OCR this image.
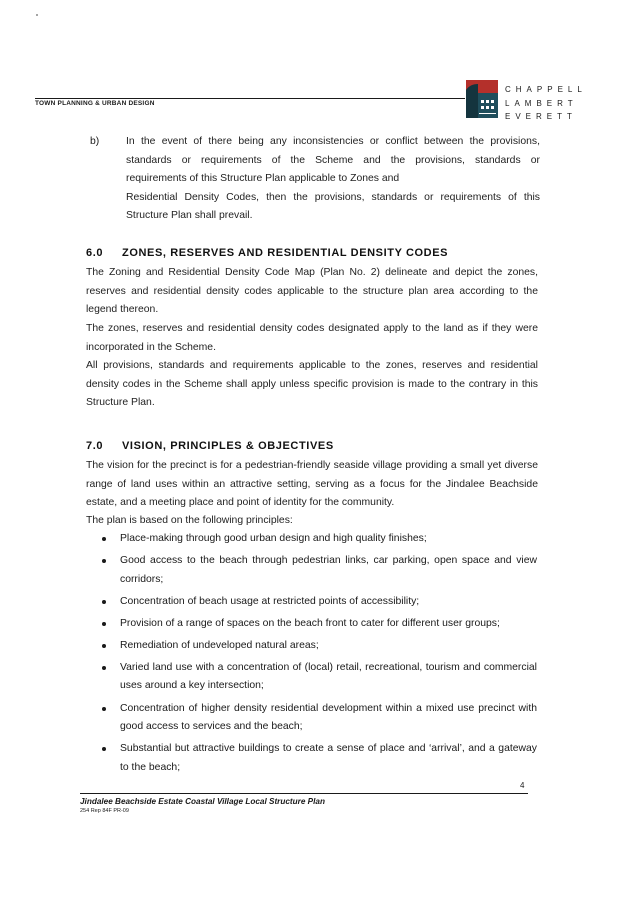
TOWN PLANNING & URBAN DESIGN
CHAPPELL
LAMBERT
EVERETT
b)	In the event of there being any inconsistencies or conflict between the provisions,
standards or requirements of the Scheme and the provisions, standards or
requirements of this Structure Plan applicable to Zones and
Residential Density Codes, then the provisions, standards or requirements of this
Structure Plan shall prevail.
6.0 ZONES, RESERVES AND RESIDENTIAL DENSITY CODES
The Zoning and Residential Density Code Map (Plan No. 2) delineate and depict the zones, reserves and residential density codes applicable to the structure plan area according to the legend thereon.
The zones, reserves and residential density codes designated apply to the land as if they were incorporated in the Scheme.
All provisions, standards and requirements applicable to the zones, reserves and residential density codes in the Scheme shall apply unless specific provision is made to the contrary in this Structure Plan.
7.0 VISION, PRINCIPLES & OBJECTIVES
The vision for the precinct is for a pedestrian-friendly seaside village providing a small yet diverse range of land uses within an attractive setting, serving as a focus for the Jindalee Beachside estate, and a meeting place and point of identity for the community.
The plan is based on the following principles:
Place-making through good urban design and high quality finishes;
Good access to the beach through pedestrian links, car parking, open space and view corridors;
Concentration of beach usage at restricted points of accessibility;
Provision of a range of spaces on the beach front to cater for different user groups;
Remediation of undeveloped natural areas;
Varied land use with a concentration of (local) retail, recreational, tourism and commercial uses around a key intersection;
Concentration of higher density residential development within a mixed use precinct with good access to services and the beach;
Substantial but attractive buildings to create a sense of place and ‘arrival’, and a gateway to the beach;
4
Jindalee Beachside Estate Coastal Village Local Structure Plan
254 Rep 84F PR-09
